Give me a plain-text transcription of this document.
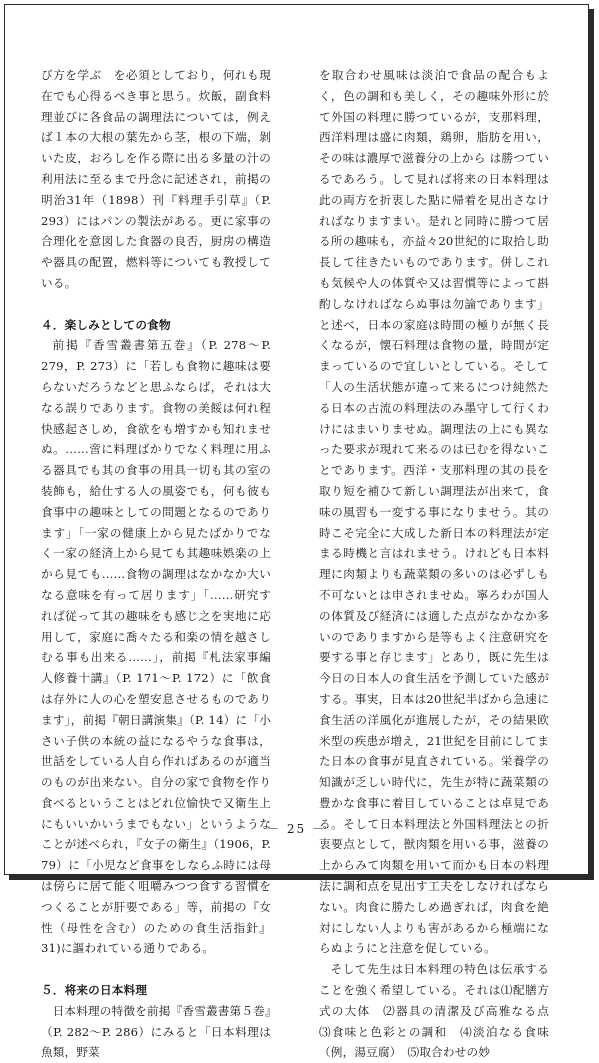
び方を学ぶ　を必須としており，何れも現在でも心得るべき事と思う。炊飯，副食料理並びに各食品の調理法については，例えば１本の大根の葉先から茎，根の下端，剝いた皮，おろしを作る際に出る多量の汁の利用法に至るまで丹念に記述され，前掲の明治31年（1898）刊『料理手引草』（P. 293）にはパンの製法がある。更に家事の合理化を意図した食器の良否，厨房の構造や器具の配置，燃料等についても教授している。

４．楽しみとしての食物

前掲『香雪叢書第五巻』（P. 278～P. 279，P. 273）に「若しも食物に趣味は要らないだろうなどと思ふならば，それは大なる誤りであります。食物の美餒は何れ程快感起さしめ，食欲をも増すかも知れませぬ。……啻に料理ばかりでなく料理に用ふる器具でも其の食事の用具一切も其の室の装飾も，給仕する人の風姿でも，何も彼も食事中の趣味としての問題となるのであります」「一家の健康上から見たばかりでなく一家の経済上から見ても其趣味娯楽の上から見ても……食物の調理はなかなか大いなる意味を有って居ります」「……研究すれば従って其の趣味をも感じ之を実地に応用して，家庭に喬々たる和楽の情を越さしむる事も出来る……」，前掲『札法家事編人修養十講』（P. 171～P. 172）に「飲食は存外に人の心を塑安息させるものであります」，前掲『朝日講演集』（P. 14）に「小さい子供の本統の益になるやうな食事は，世話をしている人自ら作ればあるのが適当のものが出来ない。自分の家で食物を作り食べるということはどれ位愉快で又衛生上にもいいかいうまでもない」というようなことが述べられ，『女子の衛生』（1906，P. 79）に「小児など食事をしならふ時には母は傍らに居て能く咀嚼みつつ食する習慣をつくることが肝要である」等，前掲の『女性（母性を含む）のための食生活指針』31)に謳われている通りである。

５．将来の日本料理

日本料理の特徴を前掲『香雪叢書第５巻』（P. 282～P. 286）にみると「日本料理は魚類，野菜

を取合わせ風味は淡泊で食品の配合もよく，色の調和も美しく，その趣味外形に於て外国の料理に勝つているが，支那料理，西洋料理は盛に肉類，鶏卵，脂肪を用い，その味は濃厚で滋養分の上から は勝つているであろう。して見れば将来の日本料理は此の両方を折衷した點に帰着を見出さなければなりますまい。是れと同時に勝つて居る所の趣味も，亦益々20世紀的に取拾し助長して往きたいものであります。併しこれも気候や人の体質や又は習慣等によって斟酌しなければならぬ事は勿論であります」と述べ，日本の家庭は時間の極りが無く長くなるが，懐石料理は食物の量，時間が定まっているので宜しいとしている。そして「人の生活状態が違って来るにつけ純然たる日本の古流の料理法のみ墨守して行くわけにはまいりませぬ。調理法の上にも異なった要求が現れて来るのは已むを得ないことであります。西洋・支那料理の其の長を取り短を補ひて新しい調理法が出来て，食味の風習も一変する事になりませう。其の時こそ完全に大成した新日本の料理法が定まる時機と言はれませう。けれども日本料理に肉類よりも蔬菜類の多いのは必ずしも不可ないとは申されませぬ。寧ろわが国人の体質及び経済には適した点がなかなか多いのでありますから是等もよく注意研究を要する事と存じます」とあり，既に先生は今日の日本人の食生活を予測していた感がする。事実，日本は20世紀半ばから急速に食生活の洋風化が進展したが，その結果欧米型の疾患が増え，21世紀を目前にしてまた日本の食事が見直されている。栄養学の知識が乏しい時代に，先生が特に蔬菜類の豊かな食事に着目していることは卓見である。そして日本料理法と外国料理法との折衷要点として，獣肉類を用いる事，滋養の上からみて肉類を用いて而かも日本の料理法に調和点を見出す工夫をしなければならない。肉食に勝たしめ過ぎれば，肉食を絶対にしない人よりも害があるから極端にならぬようにと注意を促している。

そして先生は日本料理の特色は伝承することを強く希望している。それは⑴配膳方式の大体　⑵器具の清潔及び高雅なる点　⑶食味と色彩との調和　⑷淡泊なる食味（例，湯豆腐）　⑸取合わせの妙

－ 25 －
